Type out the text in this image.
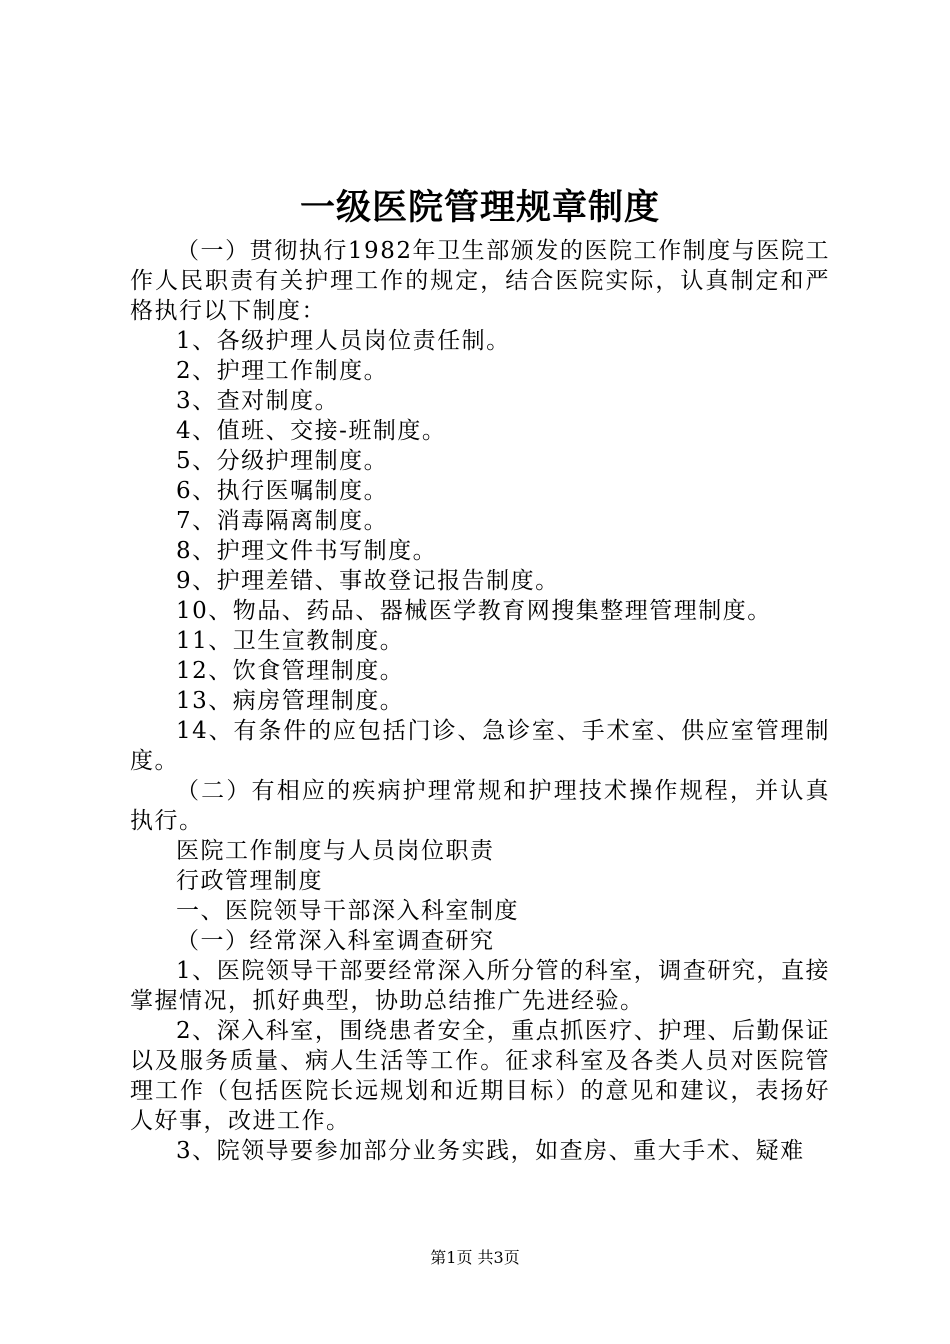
一级医院管理规章制度

（一）贯彻执行1982年卫生部颁发的医院工作制度与医院工作人民职责有关护理工作的规定，结合医院实际，认真制定和严格执行以下制度：

1、各级护理人员岗位责任制。

2、护理工作制度。

3、查对制度。

4、值班、交接-班制度。

5、分级护理制度。

6、执行医嘱制度。

7、消毒隔离制度。

8、护理文件书写制度。

9、护理差错、事故登记报告制度。

10、物品、药品、器械医学教育网搜集整理管理制度。

11、卫生宣教制度。

12、饮食管理制度。

13、病房管理制度。

14、有条件的应包括门诊、急诊室、手术室、供应室管理制度。

（二）有相应的疾病护理常规和护理技术操作规程，并认真执行。

医院工作制度与人员岗位职责

行政管理制度

一、医院领导干部深入科室制度

（一）经常深入科室调查研究

1、医院领导干部要经常深入所分管的科室，调查研究，直接掌握情况，抓好典型，协助总结推广先进经验。

2、深入科室，围绕患者安全，重点抓医疗、护理、后勤保证以及服务质量、病人生活等工作。征求科室及各类人员对医院管理工作（包括医院长远规划和近期目标）的意见和建议，表扬好人好事，改进工作。

3、院领导要参加部分业务实践，如查房、重大手术、疑难

第1页 共3页
